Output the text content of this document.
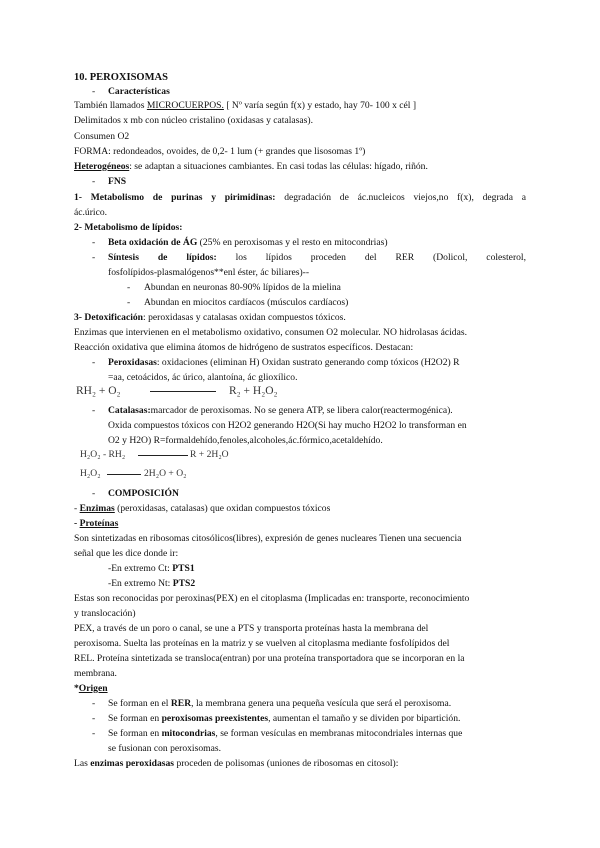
10. PEROXISOMAS
- Características
También llamados MICROCUERPOS. [ Nº varía según f(x) y estado, hay 70- 100 x cél ]
Delimitados x mb con núcleo cristalino (oxidasas y catalasas).
Consumen O2
FORMA: redondeados, ovoides, de 0,2- 1 lum (+ grandes que lisosomas 1º)
Heterogéneos: se adaptan a situaciones cambiantes. En casi todas las células: hígado, riñón.
- FNS
1- Metabolismo de purinas y pirimidinas: degradación de ác.nucleicos viejos,no f(x), degrada a
ác.úrico.
2- Metabolismo de lípidos:
- Beta oxidación de ÁG (25% en peroxisomas y el resto en mitocondrias)
- Síntesis de lípidos: los lípidos proceden del RER (Dolicol, colesterol,
fosfolípidos-plasmalógenos**enl éster, ác biliares)--
- Abundan en neuronas 80-90% lípidos de la mielina
- Abundan en miocitos cardíacos (músculos cardíacos)
3- Detoxificación: peroxidasas y catalasas oxidan compuestos tóxicos.
Enzimas que intervienen en el metabolismo oxidativo, consumen O2 molecular. NO hidrolasas ácidas.
Reacción oxidativa que elimina átomos de hidrógeno de sustratos específicos. Destacan:
- Peroxidasas: oxidaciones (eliminan H) Oxidan sustrato generando comp tóxicos (H2O2) R
=aa, cetoácidos, ác úrico, alantoína, ác glioxílico.
RH₂ + O₂	R₂ + H₂O₂
- Catalasas:marcador de peroxisomas. No se genera ATP, se libera calor(reactermogénica).
Oxida compuestos tóxicos con H2O2 generando H2O(Si hay mucho H2O2 lo transforman en
O2 y H2O) R=formaldehído,fenoles,alcoholes,ác.fórmico,acetaldehído.
H₂O₂ - RH₂	R + 2H₂O
H₂O₂	2H₂O + O₂
- COMPOSICIÓN
- Enzimas (peroxidasas, catalasas) que oxidan compuestos tóxicos
- Proteínas
Son sintetizadas en ribosomas citosólicos(libres), expresión de genes nucleares Tienen una secuencia
señal que les dice donde ir:
-En extremo Ct: PTS1
-En extremo Nt: PTS2
Estas son reconocidas por peroxinas(PEX) en el citoplasma (Implicadas en: transporte, reconocimiento
y translocación)
PEX, a través de un poro o canal, se une a PTS y transporta proteínas hasta la membrana del
peroxisoma. Suelta las proteínas en la matriz y se vuelven al citoplasma mediante fosfolípidos del
REL. Proteína sintetizada se transloca(entran) por una proteína transportadora que se incorporan en la
membrana.
*Origen
- Se forman en el RER, la membrana genera una pequeña vesícula que será el peroxisoma.
- Se forman en peroxisomas preexistentes, aumentan el tamaño y se dividen por bipartición.
- Se forman en mitocondrias, se forman vesículas en membranas mitocondriales internas que
se fusionan con peroxisomas.
Las enzimas peroxidasas proceden de polisomas (uniones de ribosomas en citosol):
